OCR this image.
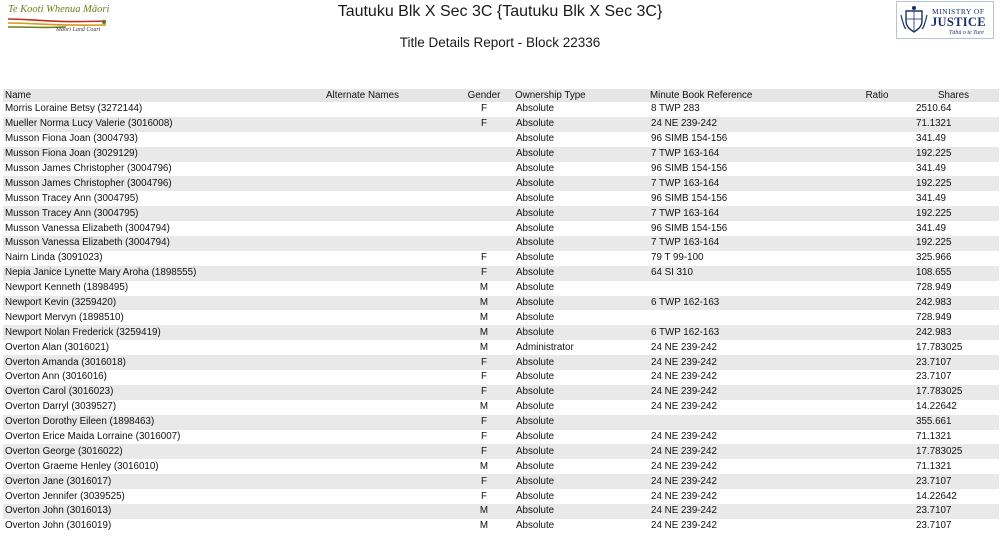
Te Kooti Whenua Māori
Māori Land Court
Tautuku Blk X Sec 3C {Tautuku Blk X Sec 3C}
Title Details Report - Block 22336
MINISTRY OF
JUSTICE
Tāhū o te Ture
Name	Alternate Names	Gender	Ownership Type	Minute Book Reference	Ratio	Shares
Morris Loraine Betsy (3272144)		F	Absolute	8 TWP 283		2510.64
Mueller Norma Lucy Valerie (3016008)		F	Absolute	24 NE 239-242		71.1321
Musson Fiona Joan (3004793)			Absolute	96 SIMB 154-156		341.49
Musson Fiona Joan (3029129)			Absolute	7 TWP 163-164		192.225
Musson James Christopher (3004796)			Absolute	96 SIMB 154-156		341.49
Musson James Christopher (3004796)			Absolute	7 TWP 163-164		192.225
Musson Tracey Ann (3004795)			Absolute	96 SIMB 154-156		341.49
Musson Tracey Ann (3004795)			Absolute	7 TWP 163-164		192.225
Musson Vanessa Elizabeth (3004794)			Absolute	96 SIMB 154-156		341.49
Musson Vanessa Elizabeth (3004794)			Absolute	7 TWP 163-164		192.225
Nairn Linda (3091023)		F	Absolute	79 T 99-100		325.966
Nepia Janice Lynette Mary Aroha (1898555)		F	Absolute	64 SI 310		108.655
Newport Kenneth (1898495)		M	Absolute			728.949
Newport Kevin (3259420)		M	Absolute	6 TWP 162-163		242.983
Newport Mervyn (1898510)		M	Absolute			728.949
Newport Nolan Frederick (3259419)		M	Absolute	6 TWP 162-163		242.983
Overton Alan (3016021)		M	Administrator	24 NE 239-242		17.783025
Overton Amanda (3016018)		F	Absolute	24 NE 239-242		23.7107
Overton Ann (3016016)		F	Absolute	24 NE 239-242		23.7107
Overton Carol (3016023)		F	Absolute	24 NE 239-242		17.783025
Overton Darryl (3039527)		M	Absolute	24 NE 239-242		14.22642
Overton Dorothy Eileen (1898463)		F	Absolute			355.661
Overton Erice Maida Lorraine (3016007)		F	Absolute	24 NE 239-242		71.1321
Overton George (3016022)		F	Absolute	24 NE 239-242		17.783025
Overton Graeme Henley (3016010)		M	Absolute	24 NE 239-242		71.1321
Overton Jane (3016017)		F	Absolute	24 NE 239-242		23.7107
Overton Jennifer (3039525)		F	Absolute	24 NE 239-242		14.22642
Overton John (3016013)		M	Absolute	24 NE 239-242		23.7107
Overton John (3016019)		M	Absolute	24 NE 239-242		23.7107
